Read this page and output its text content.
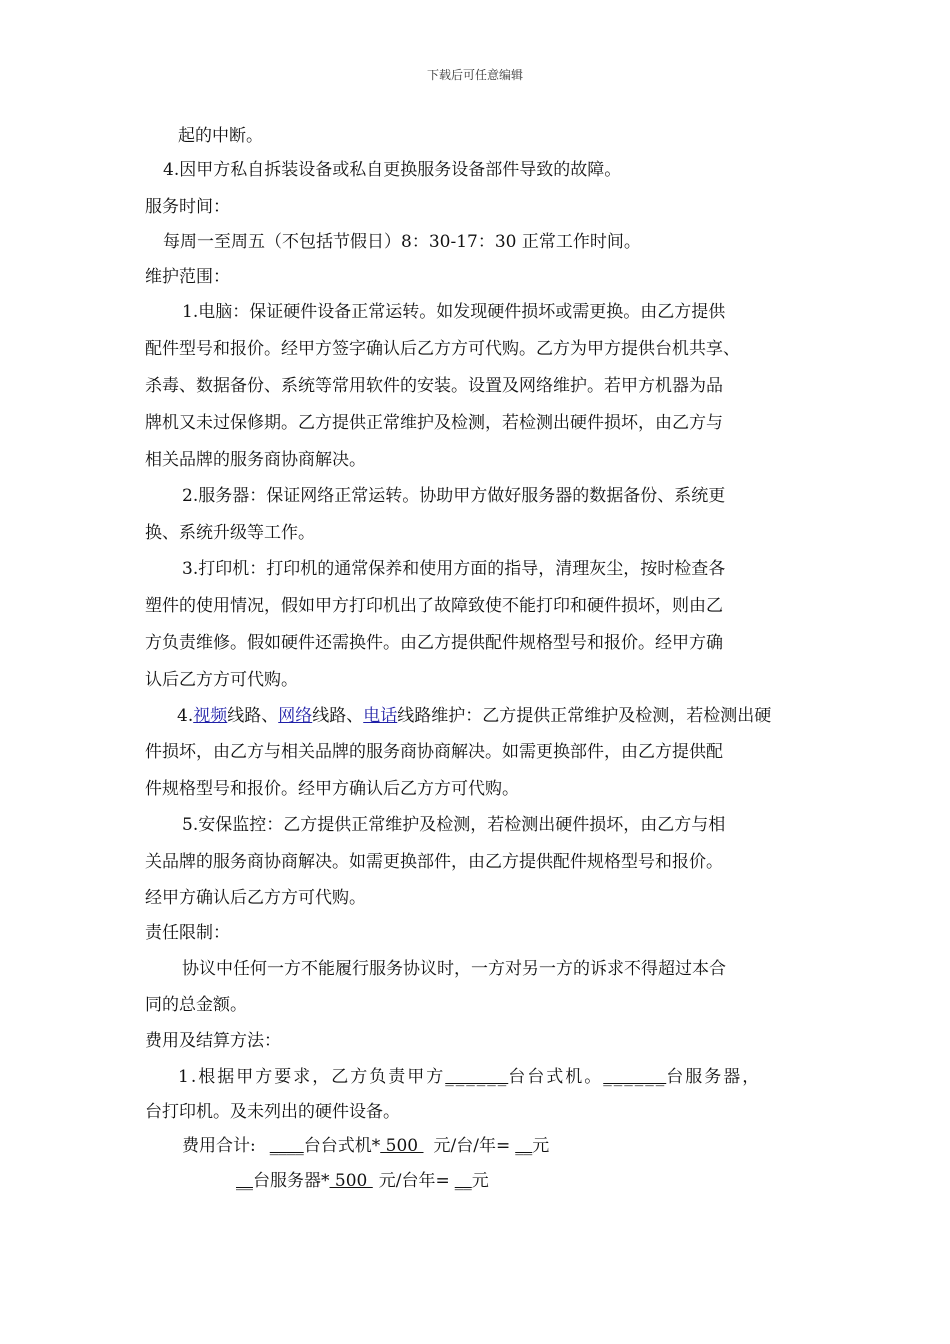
下载后可任意编辑
起的中断。
4.因甲方私自拆装设备或私自更换服务设备部件导致的故障。
服务时间：
每周一至周五（不包括节假日）8：30-17：30 正常工作时间。
维护范围：
1.电脑：保证硬件设备正常运转。如发现硬件损坏或需更换。由乙方提供
配件型号和报价。经甲方签字确认后乙方方可代购。乙方为甲方提供台机共享、
杀毒、数据备份、系统等常用软件的安装。设置及网络维护。若甲方机器为品
牌机又未过保修期。乙方提供正常维护及检测，若检测出硬件损坏，由乙方与
相关品牌的服务商协商解决。
2.服务器：保证网络正常运转。协助甲方做好服务器的数据备份、系统更
换、系统升级等工作。
3.打印机：打印机的通常保养和使用方面的指导，清理灰尘，按时检查各
塑件的使用情况，假如甲方打印机出了故障致使不能打印和硬件损坏，则由乙
方负责维修。假如硬件还需换件。由乙方提供配件规格型号和报价。经甲方确
认后乙方方可代购。
件损坏，由乙方与相关品牌的服务商协商解决。如需更换部件，由乙方提供配
件规格型号和报价。经甲方确认后乙方方可代购。
5.安保监控：乙方提供正常维护及检测，若检测出硬件损坏，由乙方与相
关品牌的服务商协商解决。如需更换部件，由乙方提供配件规格型号和报价。
经甲方确认后乙方方可代购。
责任限制：
协议中任何一方不能履行服务协议时，一方对另一方的诉求不得超过本合
同的总金额。
费用及结算方法：
台打印机。及未列出的硬件设备。
4.视频线路、网络线路、电话线路维护：乙方提供正常维护及检测，若检测出硬
1.根据甲方要求，乙方负责甲方______台台式机。______台服务器，
费用合计: ____台台式机* 500 元/台/年= __元
__台服务器* 500 元/台年= __元
